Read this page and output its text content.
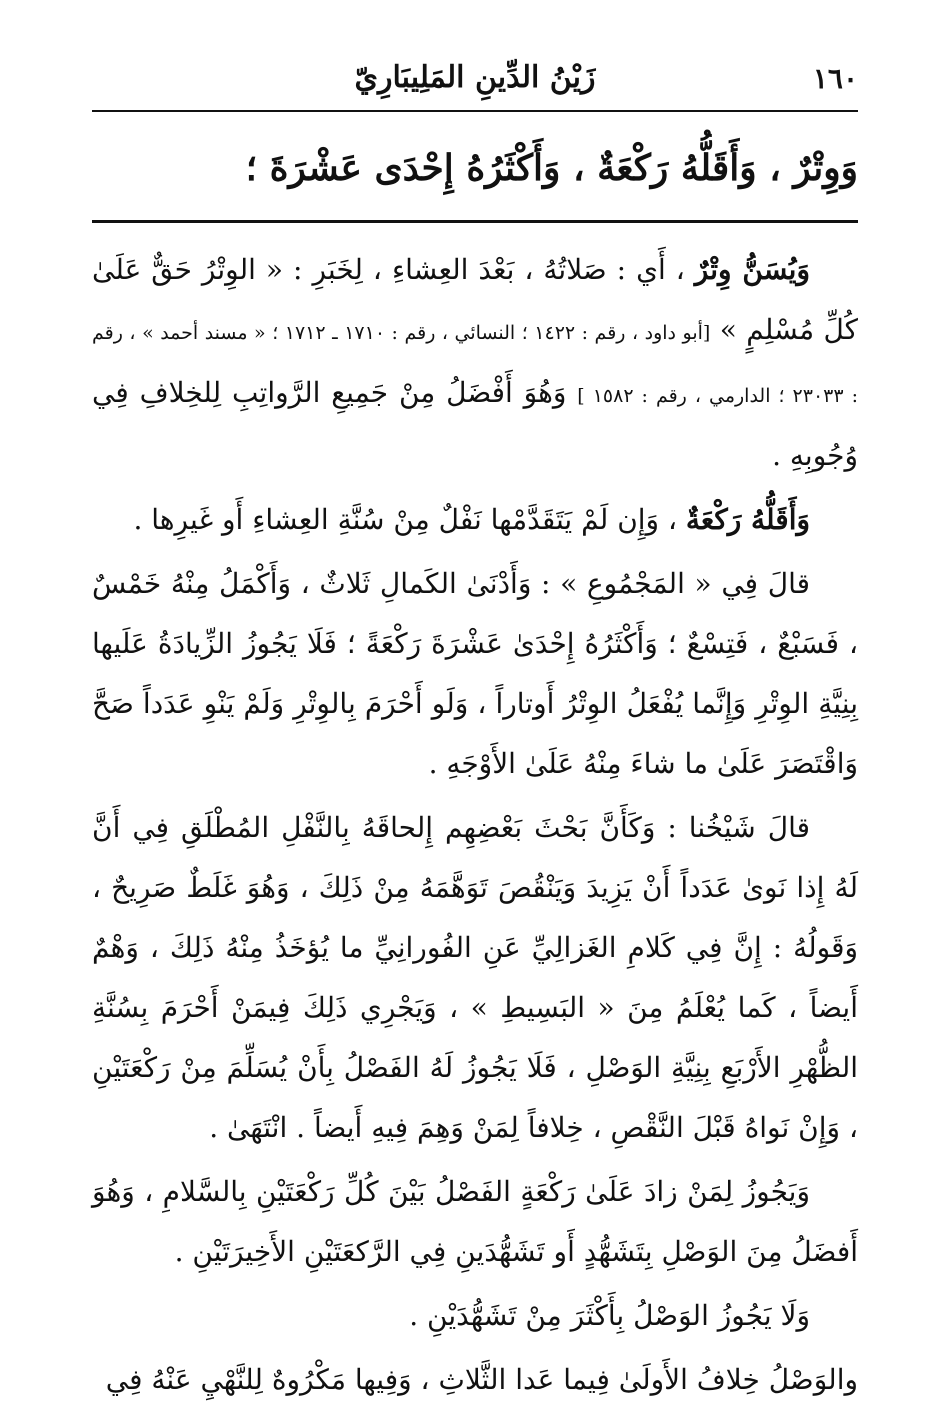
١٦٠
زَيْنُ الدِّينِ المَلِيبَارِيّ
وَوِتْرٌ ، وَأَقَلُّهُ رَكْعَةٌ ، وَأَكْثَرُهُ إِحْدَى عَشْرَةَ ؛

وَيُسَنُّ وِتْرٌ ، أَي : صَلاتُهُ ، بَعْدَ العِشاءِ ، لِخَبَرِ : « الوِتْرُ حَقٌّ عَلَىٰ كُلِّ مُسْلِمٍ » [أبو داود ، رقم : ١٤٢٢ ؛ النسائي ، رقم : ١٧١٠ ـ ١٧١٢ ؛ « مسند أحمد » ، رقم : ٢٣٠٣٣ ؛ الدارمي ، رقم : ١٥٨٢ ] وَهُوَ أَفْضَلُ مِنْ جَمِيعِ الرَّواتِبِ لِلخِلافِ فِي وُجُوبِهِ .

وَأَقَلُّهُ رَكْعَةٌ ، وَإِن لَمْ يَتَقَدَّمْها نَفْلٌ مِنْ سُنَّةِ العِشاءِ أَو غَيرِها .

قالَ فِي « المَجْمُوعِ » : وَأَدْنَىٰ الكَمالِ ثَلاثٌ ، وَأَكْمَلُ مِنْهُ خَمْسٌ ، فَسَبْعٌ ، فَتِسْعٌ ؛ وَأَكْثَرُهُ إِحْدَىٰ عَشْرَةَ رَكْعَةً ؛ فَلَا يَجُوزُ الزِّيادَةُ عَلَيها بِنِيَّةِ الوِتْرِ وَإِنَّما يُفْعَلُ الوِتْرُ أَوتاراً ، وَلَو أَحْرَمَ بِالوِتْرِ وَلَمْ يَنْوِ عَدَداً صَحَّ وَاقْتَصَرَ عَلَىٰ ما شاءَ مِنْهُ عَلَىٰ الأَوْجَهِ .

قالَ شَيْخُنا : وَكَأَنَّ بَحْثَ بَعْضِهِم إِلحاقَهُ بِالنَّفْلِ المُطْلَقِ فِي أَنَّ لَهُ إِذا نَوىٰ عَدَداً أَنْ يَزِيدَ وَيَنْقُصَ تَوَهَّمَهُ مِنْ ذَلِكَ ، وَهُوَ غَلَطٌ صَرِيحٌ ، وَقَولُهُ : إِنَّ فِي كَلامِ الغَزالِيِّ عَنِ الفُورانِيِّ ما يُؤخَذُ مِنْهُ ذَلِكَ ، وَهْمٌ أَيضاً ، كَما يُعْلَمُ مِنَ « البَسِيطِ » ، وَيَجْرِي ذَلِكَ فِيمَنْ أَحْرَمَ بِسُنَّةِ الظُّهْرِ الأَرْبَعِ بِنِيَّةِ الوَصْلِ ، فَلَا يَجُوزُ لَهُ الفَصْلُ بِأَنْ يُسَلِّمَ مِنْ رَكْعَتَيْنِ ، وَإِنْ نَواهُ قَبْلَ النَّقْصِ ، خِلافاً لِمَنْ وَهِمَ فِيهِ أَيضاً . انْتَهَىٰ .

وَيَجُوزُ لِمَنْ زادَ عَلَىٰ رَكْعَةٍ الفَصْلُ بَيْنَ كُلِّ رَكْعَتَيْنِ بِالسَّلامِ ، وَهُوَ أَفضَلُ مِنَ الوَصْلِ بِتَشَهُّدٍ أَو تَشَهُّدَينِ فِي الرَّكعَتَيْنِ الأَخِيرَتَيْنِ .

وَلَا يَجُوزُ الوَصْلُ بِأَكْثَرَ مِنْ تَشَهُّدَيْنِ .

والوَصْلُ خِلافُ الأَولَىٰ فِيما عَدا الثَّلاثِ ، وَفِيها مَكْرُوهٌ لِلنَّهْيِ عَنْهُ فِي
